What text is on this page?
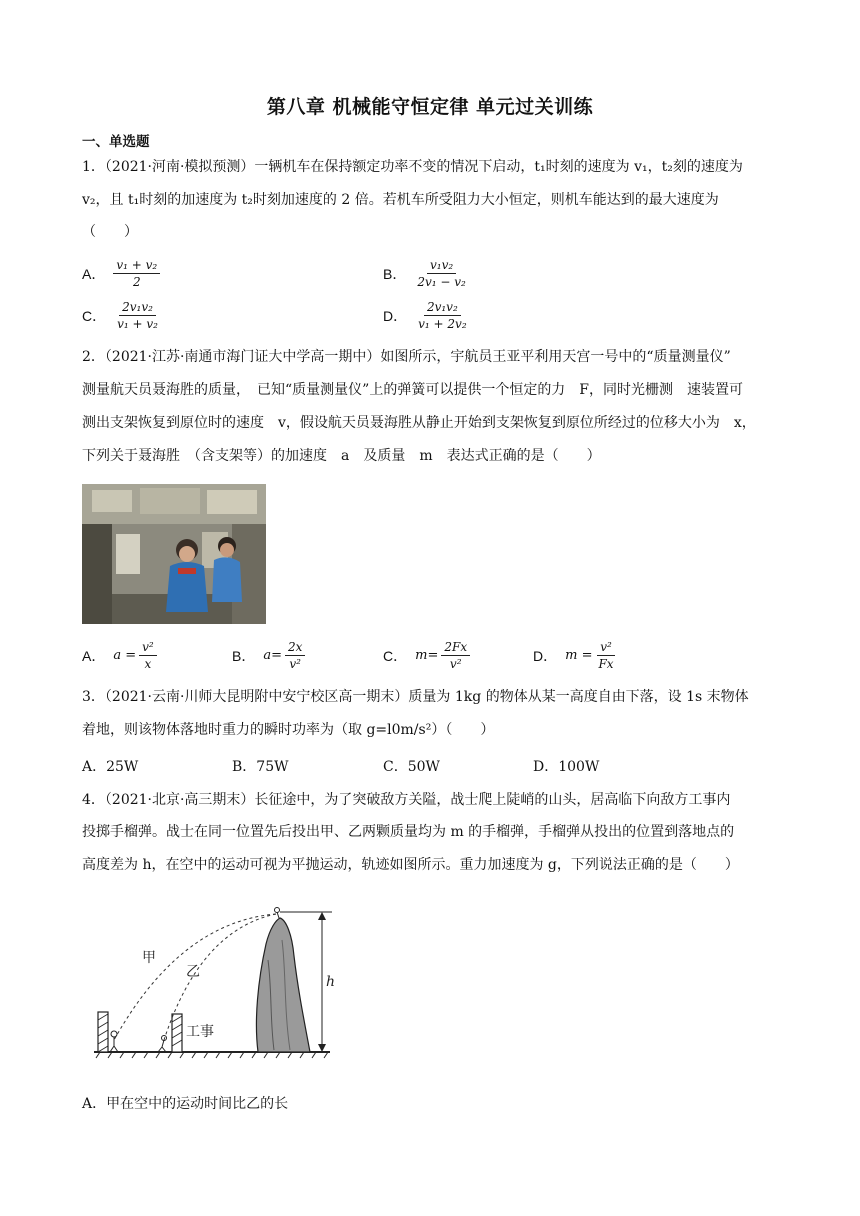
第八章 机械能守恒定律 单元过关训练
一、单选题
1．（2021·河南·模拟预测）一辆机车在保持额定功率不变的情况下启动，t₁时刻的速度为 v₁，t₂刻的速度为
v₂，且 t₁时刻的加速度为 t₂时刻加速度的 2 倍。若机车所受阻力大小恒定，则机车能达到的最大速度为
（　　）
A． $\frac{\text{v₁ + v₂}}{2}$	B． $\frac{\text{v₁v₂}}{\text{2v₁ − v₂}}$
C． $\frac{\text{2v₁v₂}}{\text{v₁ + v₂}}$	D． $\frac{\text{2v₁v₂}}{\text{v₁ + 2v₂}}$
2．（2021·江苏·南通市海门证大中学高一期中）如图所示，宇航员王亚平利用天宫一号中的“质量测量仪”
测量航天员聂海胜的质量，　已知“质量测量仪”上的弹簧可以提供一个恒定的力　F，同时光栅测　速装置可
测出支架恢复到原位时的速度　v，假设航天员聂海胜从静止开始到支架恢复到原位所经过的位移大小为　x，
下列关于聂海胜　（含支架等）的加速度　a　及质量　m　表达式正确的是（　　）
A． $a = \frac{\text{v²}}{x}$	B． $a= \frac{2x}{\text{v²}}$	C． $m= \frac{2Fx}{\text{v²}}$	D． $m = \frac{\text{v²}}{Fx}$
3．（2021·云南·川师大昆明附中安宁校区高一期末）质量为 1kg 的物体从某一高度自由下落，设 1s 末物体
着地，则该物体落地时重力的瞬时功率为（取 g=l0m/s²）（　　）
A．25W	B．75W	C．50W	D．100W
4．（2021·北京·高三期末）长征途中，为了突破敌方关隘，战士爬上陡峭的山头，居高临下向敌方工事内
投掷手榴弹。战士在同一位置先后投出甲、乙两颗质量均为 m 的手榴弹，手榴弹从投出的位置到落地点的
高度差为 h，在空中的运动可视为平抛运动，轨迹如图所示。重力加速度为 g，下列说法正确的是（　　）
甲
乙
工事
h
A．甲在空中的运动时间比乙的长
